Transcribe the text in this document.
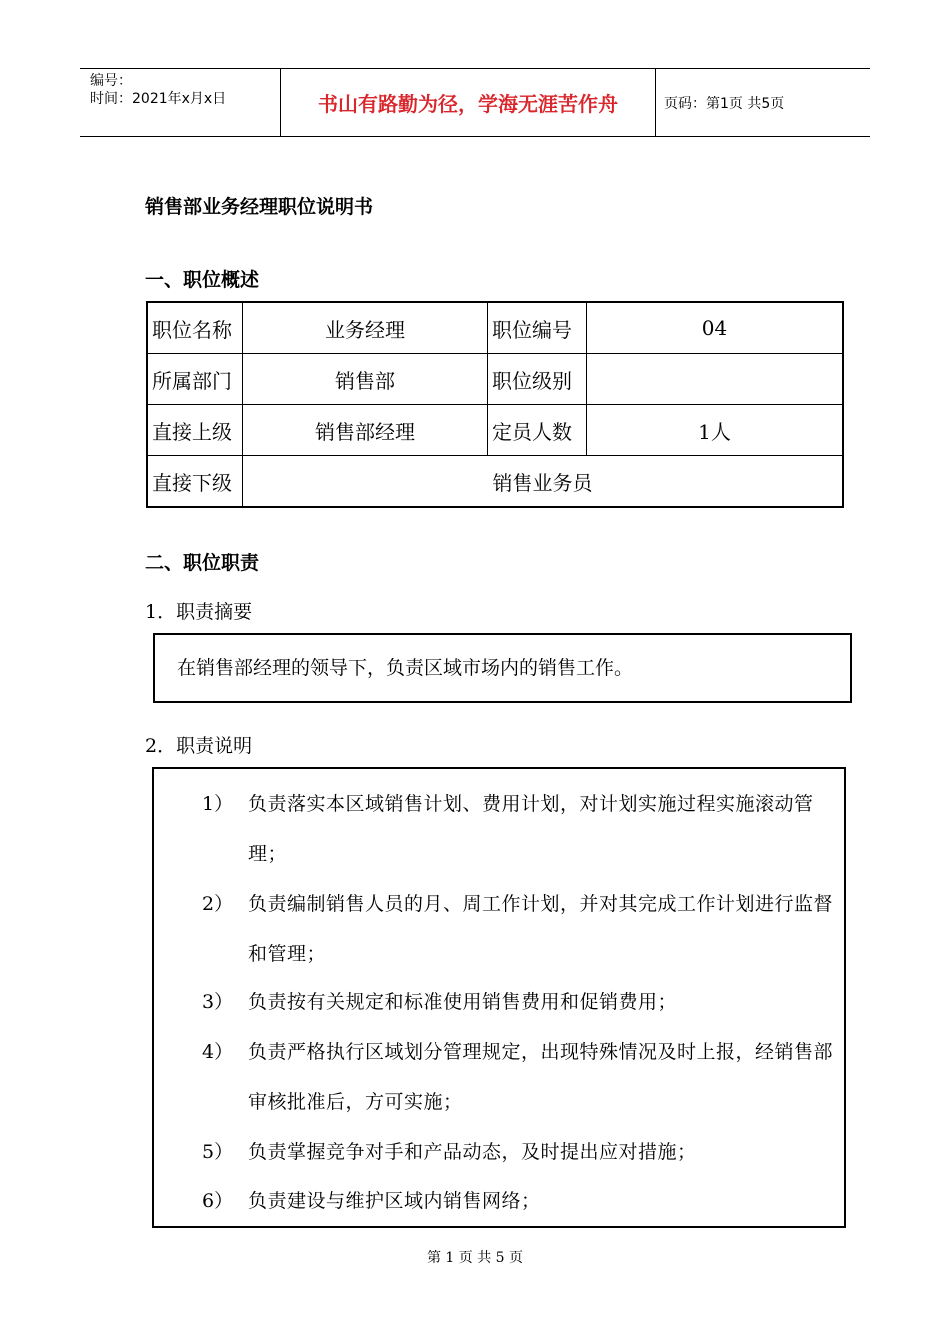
编号：
时间：2021年x月x日	书山有路勤为径，学海无涯苦作舟	页码：第1页 共5页
销售部业务经理职位说明书
一、职位概述
职位名称	业务经理	职位编号	04
所属部门	销售部	职位级别	
直接上级	销售部经理	定员人数	1人
直接下级	销售业务员		
二、职位职责
1．职责摘要
在销售部经理的领导下，负责区域市场内的销售工作。
2．职责说明
1） 负责落实本区域销售计划、费用计划，对计划实施过程实施滚动管理；
2） 负责编制销售人员的月、周工作计划，并对其完成工作计划进行监督和管理；
3） 负责按有关规定和标准使用销售费用和促销费用；
4） 负责严格执行区域划分管理规定，出现特殊情况及时上报，经销售部审核批准后，方可实施；
5） 负责掌握竞争对手和产品动态，及时提出应对措施；
6） 负责建设与维护区域内销售网络；
第 1 页 共 5 页
